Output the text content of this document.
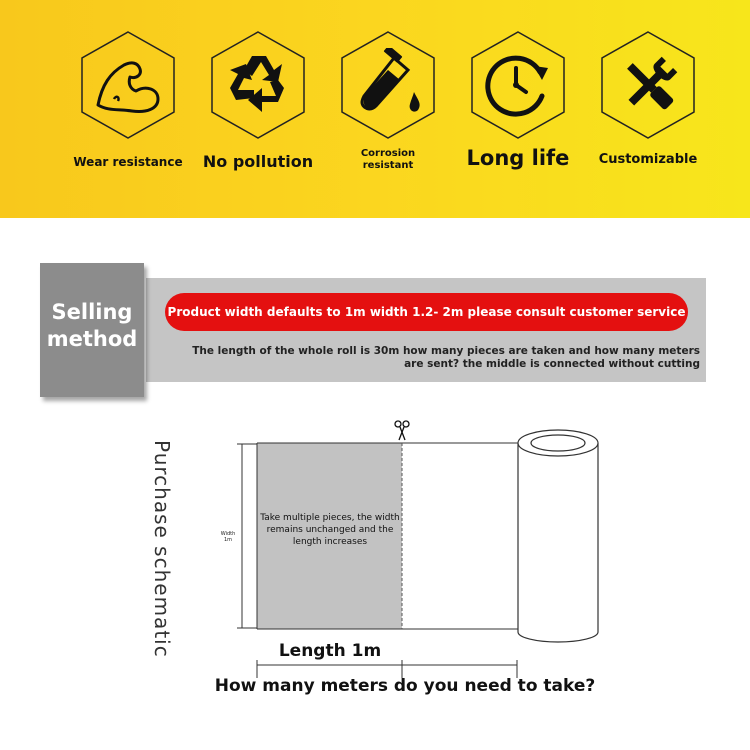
Wear resistance	No pollution	Corrosion
resistant	Long life	Customizable
Selling
method
Product width defaults to 1m width 1.2- 2m please consult customer service
The length of the whole roll is 30m how many pieces are taken and how many meters are sent? the middle is connected without cutting
Purchase schematic	Width
1m
Take multiple pieces, the width remains unchanged and the length increases
Length 1m
How many meters do you need to take?
